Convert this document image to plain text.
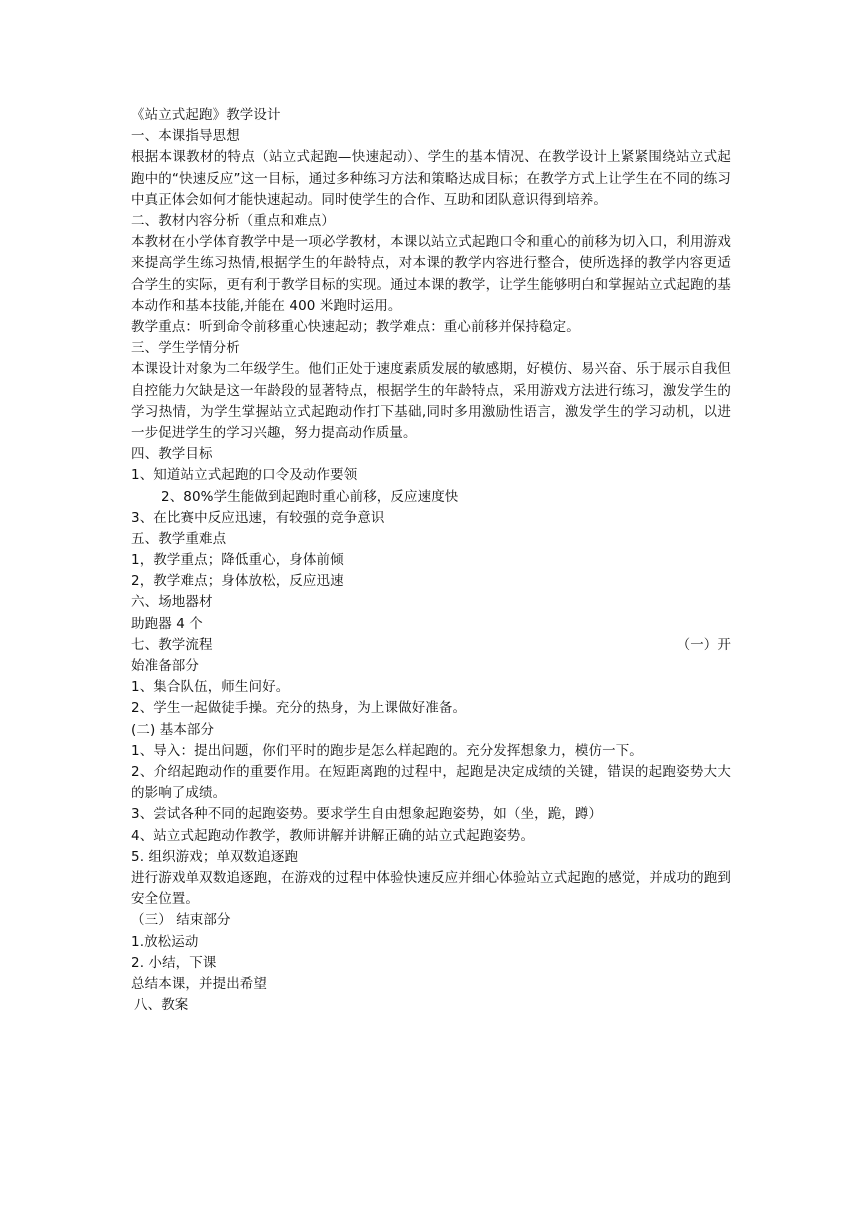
《站立式起跑》教学设计
一、本课指导思想
根据本课教材的特点（站立式起跑—快速起动）、学生的基本情况、在教学设计上紧紧围绕站立式起跑中的“快速反应”这一目标，通过多种练习方法和策略达成目标；在教学方式上让学生在不同的练习中真正体会如何才能快速起动。同时使学生的合作、互助和团队意识得到培养。
二、教材内容分析（重点和难点）
本教材在小学体育教学中是一项必学教材，本课以站立式起跑口令和重心的前移为切入口，利用游戏来提高学生练习热情,根据学生的年龄特点，对本课的教学内容进行整合，使所选择的教学内容更适合学生的实际，更有利于教学目标的实现。通过本课的教学，让学生能够明白和掌握站立式起跑的基本动作和基本技能,并能在 400 米跑时运用。
教学重点：听到命令前移重心快速起动；教学难点：重心前移并保持稳定。
三、学生学情分析
本课设计对象为二年级学生。他们正处于速度素质发展的敏感期，好模仿、易兴奋、乐于展示自我但自控能力欠缺是这一年龄段的显著特点，根据学生的年龄特点，采用游戏方法进行练习，激发学生的学习热情，为学生掌握站立式起跑动作打下基础,同时多用激励性语言，激发学生的学习动机，以进一步促进学生的学习兴趣，努力提高动作质量。
四、教学目标
1、知道站立式起跑的口令及动作要领
2、80%学生能做到起跑时重心前移，反应速度快
3、在比赛中反应迅速，有较强的竞争意识
五、教学重难点
1，教学重点；降低重心，身体前倾
2，教学难点；身体放松，反应迅速
六、场地器材
助跑器 4 个
七、教学流程	（一）开
始准备部分
1、集合队伍，师生问好。
2、学生一起做徒手操。充分的热身，为上课做好准备。
(二) 基本部分
1、导入：提出问题，你们平时的跑步是怎么样起跑的。充分发挥想象力，模仿一下。
2、介绍起跑动作的重要作用。在短距离跑的过程中，起跑是决定成绩的关键，错误的起跑姿势大大的影响了成绩。
3、尝试各种不同的起跑姿势。要求学生自由想象起跑姿势，如（坐，跪，蹲）
4、站立式起跑动作教学，教师讲解并讲解正确的站立式起跑姿势。
5. 组织游戏；单双数追逐跑
进行游戏单双数追逐跑，在游戏的过程中体验快速反应并细心体验站立式起跑的感觉，并成功的跑到安全位置。
（三） 结束部分
1.放松运动
2. 小结，下课
总结本课，并提出希望
八、教案
